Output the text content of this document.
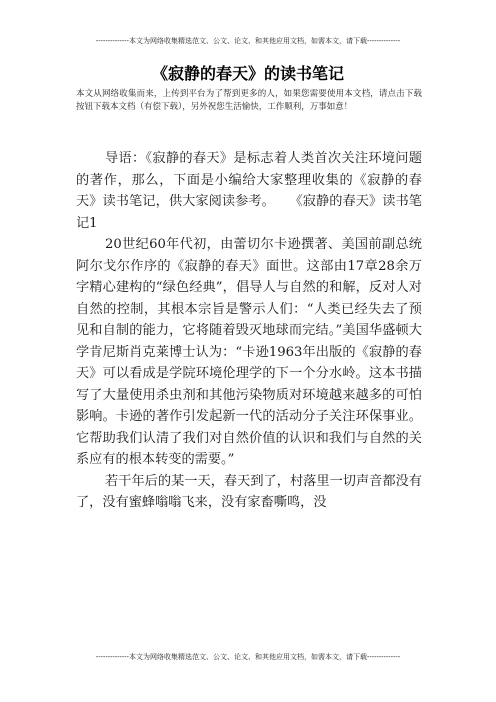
--------------本文为网络收集精选范文、公文、论文、和其他应用文档，如需本文，请下载--------------
《寂静的春天》的读书笔记
本文从网络收集而来，上传到平台为了帮到更多的人，如果您需要使用本文档，请点击下载按钮下载本文档（有偿下载），另外祝您生活愉快，工作顺利，万事如意！

导语：《寂静的春天》是标志着人类首次关注环境问题的著作，那么，下面是小编给大家整理收集的《寂静的春天》读书笔记，供大家阅读参考。 《寂静的春天》读书笔记1

20世纪60年代初，由蕾切尔卡逊撰著、美国前副总统阿尔戈尔作序的《寂静的春天》面世。这部由17章28余万字精心建构的“绿色经典”，倡导人与自然的和解，反对人对自然的控制，其根本宗旨是警示人们：“人类已经失去了预见和自制的能力，它将随着毁灭地球而完结。”美国华盛顿大学肯尼斯肖克莱博士认为：“卡逊1963年出版的《寂静的春天》可以看成是学院环境伦理学的下一个分水岭。这本书描写了大量使用杀虫剂和其他污染物质对环境越来越多的可怕影响。卡逊的著作引发起新一代的活动分子关注环保事业。它帮助我们认清了我们对自然价值的认识和我们与自然的关系应有的根本转变的需要。”

若干年后的某一天，春天到了，村落里一切声音都没有了，没有蜜蜂嗡嗡飞来，没有家畜嘶鸣，没

--------------本文为网络收集精选范文、公文、论文、和其他应用文档，如需本文，请下载--------------
